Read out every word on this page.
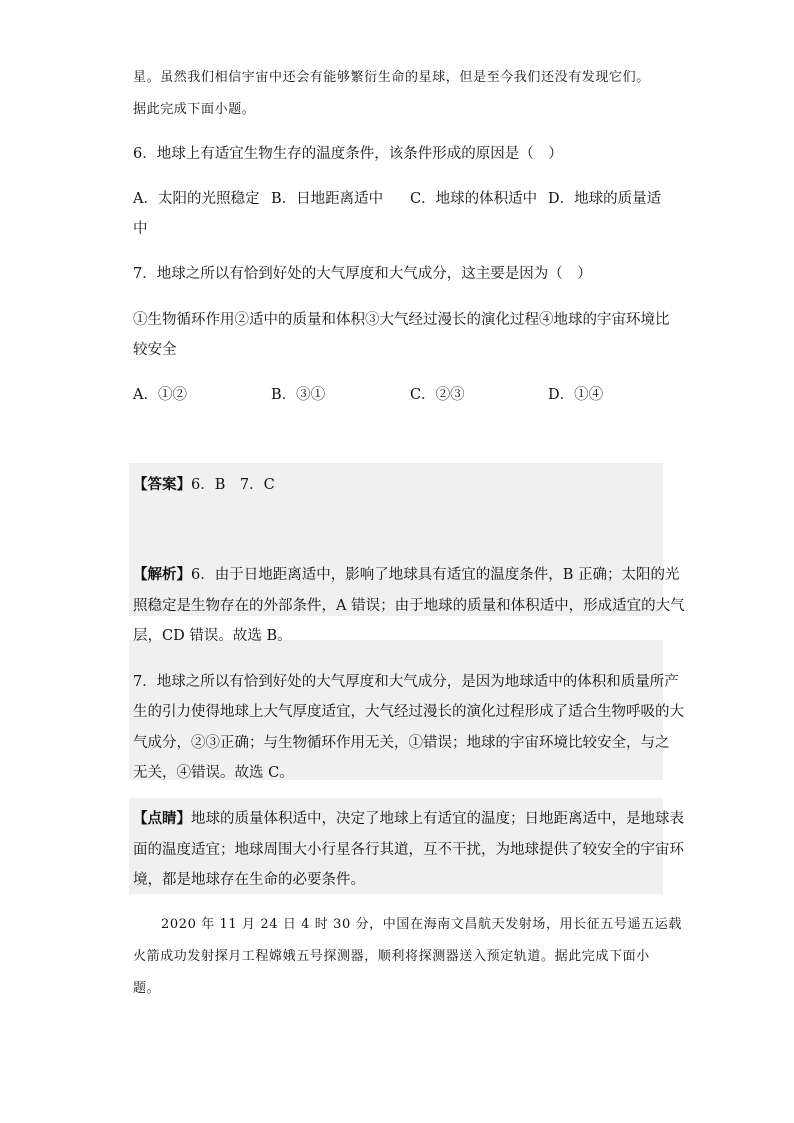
星。虽然我们相信宇宙中还会有能够繁衍生命的星球，但是至今我们还没有发现它们。
据此完成下面小题。
6．地球上有适宜生物生存的温度条件，该条件形成的原因是（　）
A．太阳的光照稳定 B．日地距离适中 C．地球的体积适中 D．地球的质量适
中
7．地球之所以有恰到好处的大气厚度和大气成分，这主要是因为（　）
①生物循环作用②适中的质量和体积③大气经过漫长的演化过程④地球的宇宙环境比
较安全
A．①②	B．③①	C．②③	D．①④
【答案】6．B　7．C
【解析】6．由于日地距离适中，影响了地球具有适宜的温度条件，B 正确；太阳的光
照稳定是生物存在的外部条件，A 错误；由于地球的质量和体积适中，形成适宜的大气
层，CD 错误。故选 B。
7．地球之所以有恰到好处的大气厚度和大气成分，是因为地球适中的体积和质量所产
生的引力使得地球上大气厚度适宜，大气经过漫长的演化过程形成了适合生物呼吸的大
气成分，②③正确；与生物循环作用无关，①错误；地球的宇宙环境比较安全，与之
无关，④错误。故选 C。
【点睛】地球的质量体积适中，决定了地球上有适宜的温度；日地距离适中，是地球表
面的温度适宜；地球周围大小行星各行其道，互不干扰，为地球提供了较安全的宇宙环
境，都是地球存在生命的必要条件。
2020 年 11 月 24 日 4 时 30 分，中国在海南文昌航天发射场，用长征五号遥五运载
火箭成功发射探月工程嫦娥五号探测器，顺利将探测器送入预定轨道。据此完成下面小
题。
